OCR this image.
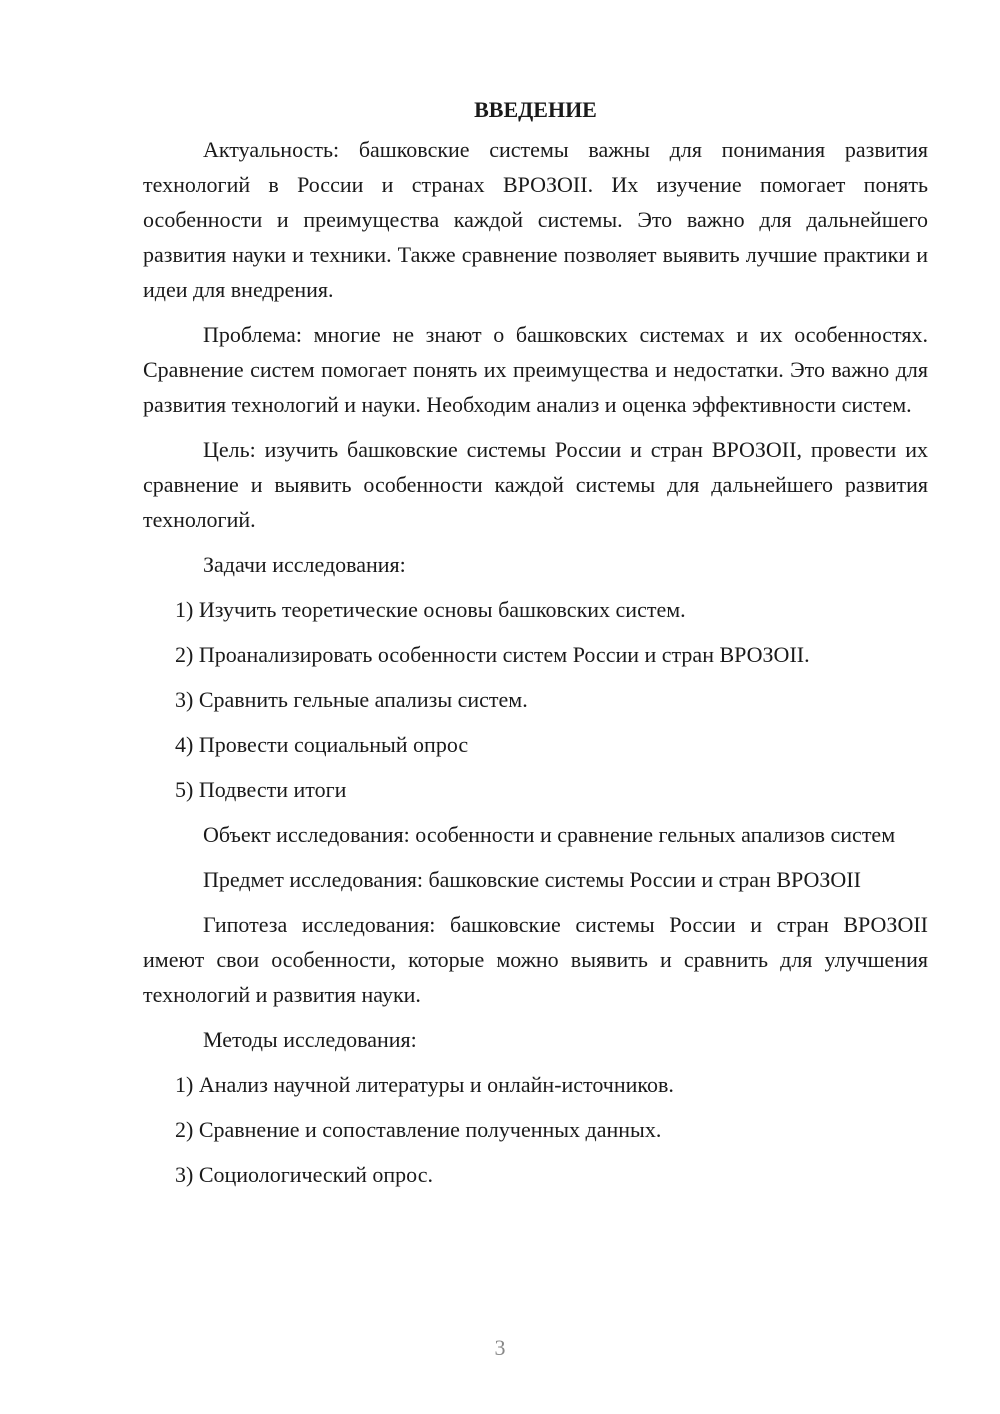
ВВЕДЕНИЕ

Актуальность: башковские системы важны для понимания развития технологий в России и странах ВРОЗОII. Их изучение помогает понять особенности и преимущества каждой системы. Это важно для дальнейшего развития науки и техники. Также сравнение позволяет выявить лучшие практики и идеи для внедрения.

Проблема: многие не знают о башковских системах и их особенностях. Сравнение систем помогает понять их преимущества и недостатки. Это важно для развития технологий и науки. Необходим анализ и оценка эффективности систем.

Цель: изучить башковские системы России и стран ВРОЗОII, провести их сравнение и выявить особенности каждой системы для дальнейшего развития технологий.

Задачи исследования:

1) Изучить теоретические основы башковских систем.
2) Проанализировать особенности систем России и стран ВРОЗОII.
3) Сравнить гельные апализы систем.
4) Провести социальный опрос
5) Подвести итоги

Объект исследования: особенности и сравнение гельных апализов систем

Предмет исследования: башковские системы России и стран ВРОЗОII

Гипотеза исследования: башковские системы России и стран ВРОЗОII имеют свои особенности, которые можно выявить и сравнить для улучшения технологий и развития науки.

Методы исследования:

1) Анализ научной литературы и онлайн-источников.
2) Сравнение и сопоставление полученных данных.
3) Социологический опрос.
3
